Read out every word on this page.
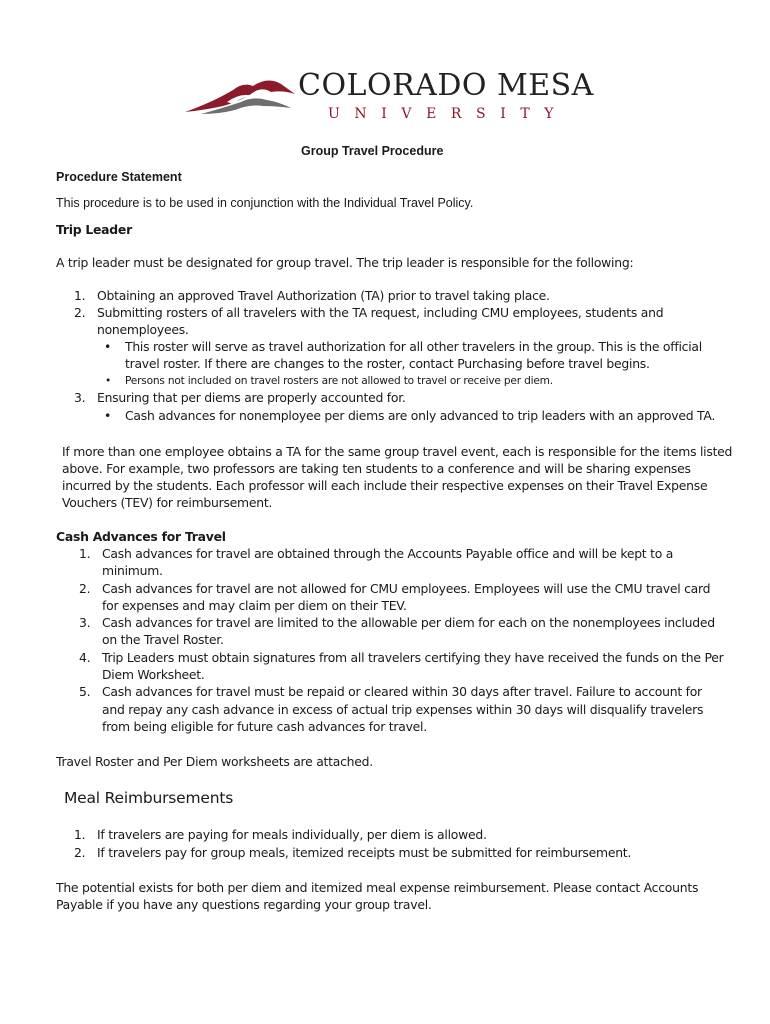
COLORADO MESA
UNIVERSITY
Group Travel Procedure
Procedure Statement
This procedure is to be used in conjunction with the Individual Travel Policy.
Trip Leader
A trip leader must be designated for group travel. The trip leader is responsible for the following:
1. Obtaining an approved Travel Authorization (TA) prior to travel taking place.
2. Submitting rosters of all travelers with the TA request, including CMU employees, students and
nonemployees.
• This roster will serve as travel authorization for all other travelers in the group. This is the official
travel roster. If there are changes to the roster, contact Purchasing before travel begins.
• Persons not included on travel rosters are not allowed to travel or receive per diem.
3. Ensuring that per diems are properly accounted for.
• Cash advances for nonemployee per diems are only advanced to trip leaders with an approved TA.
If more than one employee obtains a TA for the same group travel event, each is responsible for the items listed
above. For example, two professors are taking ten students to a conference and will be sharing expenses
incurred by the students. Each professor will each include their respective expenses on their Travel Expense
Vouchers (TEV) for reimbursement.
Cash Advances for Travel
1. Cash advances for travel are obtained through the Accounts Payable office and will be kept to a
minimum.
2. Cash advances for travel are not allowed for CMU employees. Employees will use the CMU travel card
for expenses and may claim per diem on their TEV.
3. Cash advances for travel are limited to the allowable per diem for each on the nonemployees included
on the Travel Roster.
4. Trip Leaders must obtain signatures from all travelers certifying they have received the funds on the Per
Diem Worksheet.
5. Cash advances for travel must be repaid or cleared within 30 days after travel. Failure to account for
and repay any cash advance in excess of actual trip expenses within 30 days will disqualify travelers
from being eligible for future cash advances for travel.
Travel Roster and Per Diem worksheets are attached.
Meal Reimbursements
1. If travelers are paying for meals individually, per diem is allowed.
2. If travelers pay for group meals, itemized receipts must be submitted for reimbursement.
The potential exists for both per diem and itemized meal expense reimbursement. Please contact Accounts
Payable if you have any questions regarding your group travel.
